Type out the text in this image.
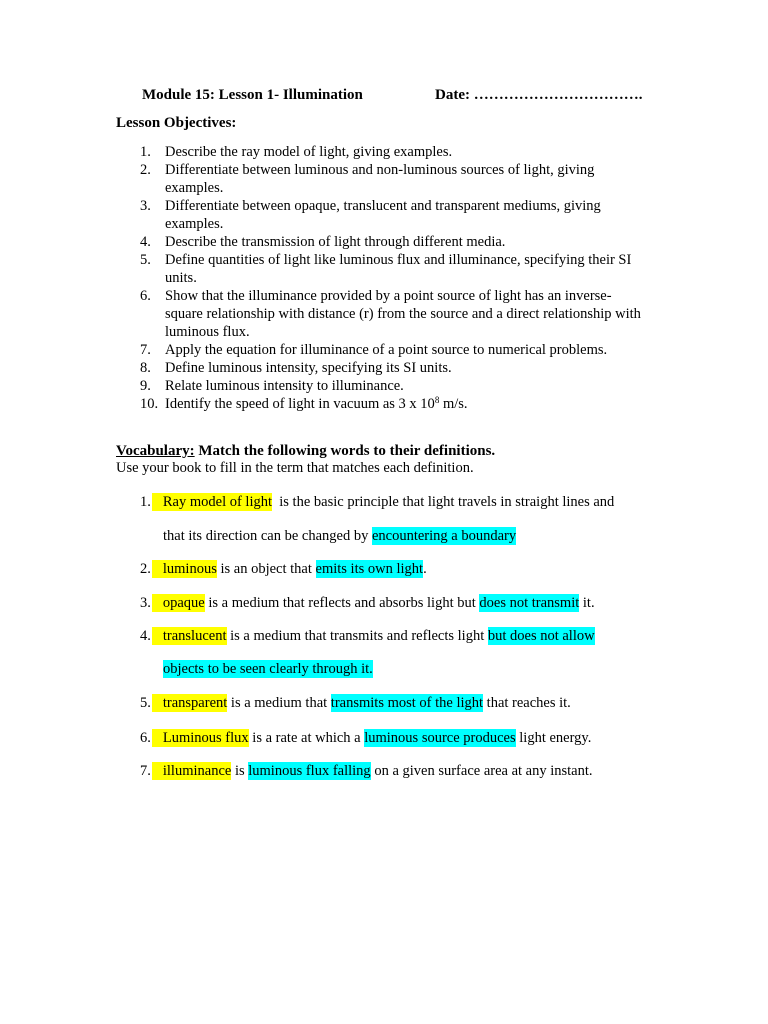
Module 15: Lesson 1- Illumination	Date: …………………………….
Lesson Objectives:
1. Describe the ray model of light, giving examples.
2. Differentiate between luminous and non-luminous sources of light, giving
examples.
3. Differentiate between opaque, translucent and transparent mediums, giving
examples.
4. Describe the transmission of light through different media.
5. Define quantities of light like luminous flux and illuminance, specifying their SI
units.
6. Show that the illuminance provided by a point source of light has an inverse-
square relationship with distance (r) from the source and a direct relationship with
luminous flux.
7. Apply the equation for illuminance of a point source to numerical problems.
8. Define luminous intensity, specifying its SI units.
9. Relate luminous intensity to illuminance.
10. Identify the speed of light in vacuum as 3 x $10^8$ m/s.
Vocabulary: Match the following words to their definitions.
Use your book to fill in the term that matches each definition.
1. Ray model of light  is the basic principle that light travels in straight lines and
that its direction can be changed by encountering a boundary
2. luminous is an object that emits its own light.
3. opaque is a medium that reflects and absorbs light but does not transmit it.
4. translucent is a medium that transmits and reflects light but does not allow
objects to be seen clearly through it.
5. transparent is a medium that transmits most of the light that reaches it.
6. Luminous flux is a rate at which a luminous source produces light energy.
7. illuminance is luminous flux falling on a given surface area at any instant.
